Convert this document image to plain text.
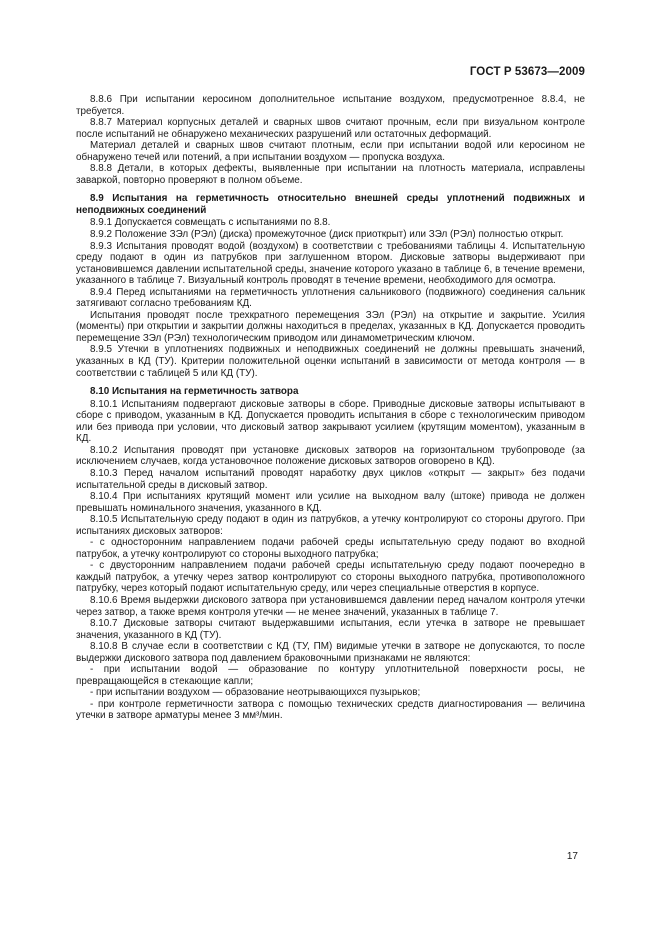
ГОСТ Р 53673—2009

8.8.6 При испытании керосином дополнительное испытание воздухом, предусмотренное 8.8.4, не требуется.

8.8.7 Материал корпусных деталей и сварных швов считают прочным, если при визуальном контроле после испытаний не обнаружено механических разрушений или остаточных деформаций.

Материал деталей и сварных швов считают плотным, если при испытании водой или керосином не обнаружено течей или потений, а при испытании воздухом — пропуска воздуха.

8.8.8 Детали, в которых дефекты, выявленные при испытании на плотность материала, исправлены заваркой, повторно проверяют в полном объеме.

8.9 Испытания на герметичность относительно внешней среды уплотнений подвижных и неподвижных соединений

8.9.1 Допускается совмещать с испытаниями по 8.8.

8.9.2 Положение ЗЭл (РЭл) (диска) промежуточное (диск приоткрыт) или ЗЭл (РЭл) полностью открыт.

8.9.3 Испытания проводят водой (воздухом) в соответствии с требованиями таблицы 4. Испытательную среду подают в один из патрубков при заглушенном втором. Дисковые затворы выдерживают при установившемся давлении испытательной среды, значение которого указано в таблице 6, в течение времени, указанного в таблице 7. Визуальный контроль проводят в течение времени, необходимого для осмотра.

8.9.4 Перед испытаниями на герметичность уплотнения сальникового (подвижного) соединения сальник затягивают согласно требованиям КД.

Испытания проводят после трехкратного перемещения ЗЭл (РЭл) на открытие и закрытие. Усилия (моменты) при открытии и закрытии должны находиться в пределах, указанных в КД. Допускается проводить перемещение ЗЭл (РЭл) технологическим приводом или динамометрическим ключом.

8.9.5 Утечки в уплотнениях подвижных и неподвижных соединений не должны превышать значений, указанных в КД (ТУ). Критерии положительной оценки испытаний в зависимости от метода контроля — в соответствии с таблицей 5 или КД (ТУ).

8.10 Испытания на герметичность затвора

8.10.1 Испытаниям подвергают дисковые затворы в сборе. Приводные дисковые затворы испытывают в сборе с приводом, указанным в КД. Допускается проводить испытания в сборе с технологическим приводом или без привода при условии, что дисковый затвор закрывают усилием (крутящим моментом), указанным в КД.

8.10.2 Испытания проводят при установке дисковых затворов на горизонтальном трубопроводе (за исключением случаев, когда установочное положение дисковых затворов оговорено в КД).

8.10.3 Перед началом испытаний проводят наработку двух циклов «открыт — закрыт» без подачи испытательной среды в дисковый затвор.

8.10.4 При испытаниях крутящий момент или усилие на выходном валу (штоке) привода не должен превышать номинального значения, указанного в КД.

8.10.5 Испытательную среду подают в один из патрубков, а утечку контролируют со стороны другого. При испытаниях дисковых затворов:

- с односторонним направлением подачи рабочей среды испытательную среду подают во входной патрубок, а утечку контролируют со стороны выходного патрубка;

- с двусторонним направлением подачи рабочей среды испытательную среду подают поочередно в каждый патрубок, а утечку через затвор контролируют со стороны выходного патрубка, противоположного патрубку, через который подают испытательную среду, или через специальные отверстия в корпусе.

8.10.6 Время выдержки дискового затвора при установившемся давлении перед началом контроля утечки через затвор, а также время контроля утечки — не менее значений, указанных в таблице 7.

8.10.7 Дисковые затворы считают выдержавшими испытания, если утечка в затворе не превышает значения, указанного в КД (ТУ).

8.10.8 В случае если в соответствии с КД (ТУ, ПМ) видимые утечки в затворе не допускаются, то после выдержки дискового затвора под давлением браковочными признаками не являются:

- при испытании водой — образование по контуру уплотнительной поверхности росы, не превращающейся в стекающие капли;

- при испытании воздухом — образование неотрывающихся пузырьков;

- при контроле герметичности затвора с помощью технических средств диагностирования — величина утечки в затворе арматуры менее 3 мм³/мин.

17
